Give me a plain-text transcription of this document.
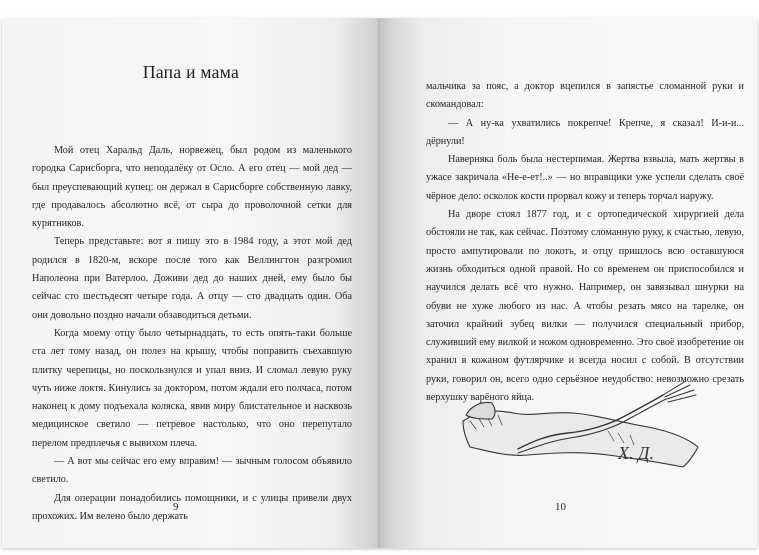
Папа и мама

Мой отец Харальд Даль, норвежец, был родом из маленького городка Сарисборга, что неподалёку от Осло. А его отец — мой дед — был преуспевающий купец: он держал в Сарисборге собственную лавку, где продавалось абсолютно всё, от сыра до проволочной сетки для курятников.

Теперь представьте: вот я пишу это в 1984 году, а этот мой дед родился в 1820-м, вскоре после того как Веллингтон разгромил Наполеона при Ватерлоо. Доживи дед до наших дней, ему было бы сейчас сто шестьдесят четыре года. А отцу — сто двадцать один. Оба они довольно поздно начали обзаводиться детьми.

Когда моему отцу было четырнадцать, то есть опять-таки больше ста лет тому назад, он полез на крышу, чтобы поправить съехавшую плитку черепицы, но поскользнулся и упал вниз. И сломал левую руку чуть ниже локтя. Кинулись за доктором, потом ждали его полчаса, потом наконец к дому подъехала коляска, явив миру блистательное и насквозь медицинское светило — петревое настолько, что оно перепутало перелом предплечья с вывихом плеча.

— А вот мы сейчас его ему вправим! — зычным голосом объявило светило.

Для операции понадобились помощники, и с улицы привели двух прохожих. Им велено было держать

9

мальчика за пояс, а доктор вцепился в запястье сломанной руки и скомандовал:

— А ну-ка ухватились покрепче! Крепче, я сказал! И-и-и... дёрнули!

Наверняка боль была нестерпимая. Жертва взвыла, мать жертвы в ужасе закричала «Не-е-ет!..» — но вправщики уже успели сделать своё чёрное дело: осколок кости прорвал кожу и теперь торчал наружу.

На дворе стоял 1877 год, и с ортопедической хирургией дела обстояли не так, как сейчас. Поэтому сломанную руку, к счастью, левую, просто ампутировали по локоть, и отцу пришлось всю оставшуюся жизнь обходиться одной правой. Но со временем он приспособился и научился делать всё что нужно. Например, он завязывал шнурки на обуви не хуже любого из нас. А чтобы резать мясо на тарелке, он заточил крайний зубец вилки — получился специальный прибор, служивший ему вилкой и ножом одновременно. Это своё изобретение он хранил в кожаном футлярчике и всегда носил с собой. В отсутствии руки, говорил он, всего одно серьёзное неудобство: невозможно срезать верхушку варёного яйца.

Х. Д.
10
